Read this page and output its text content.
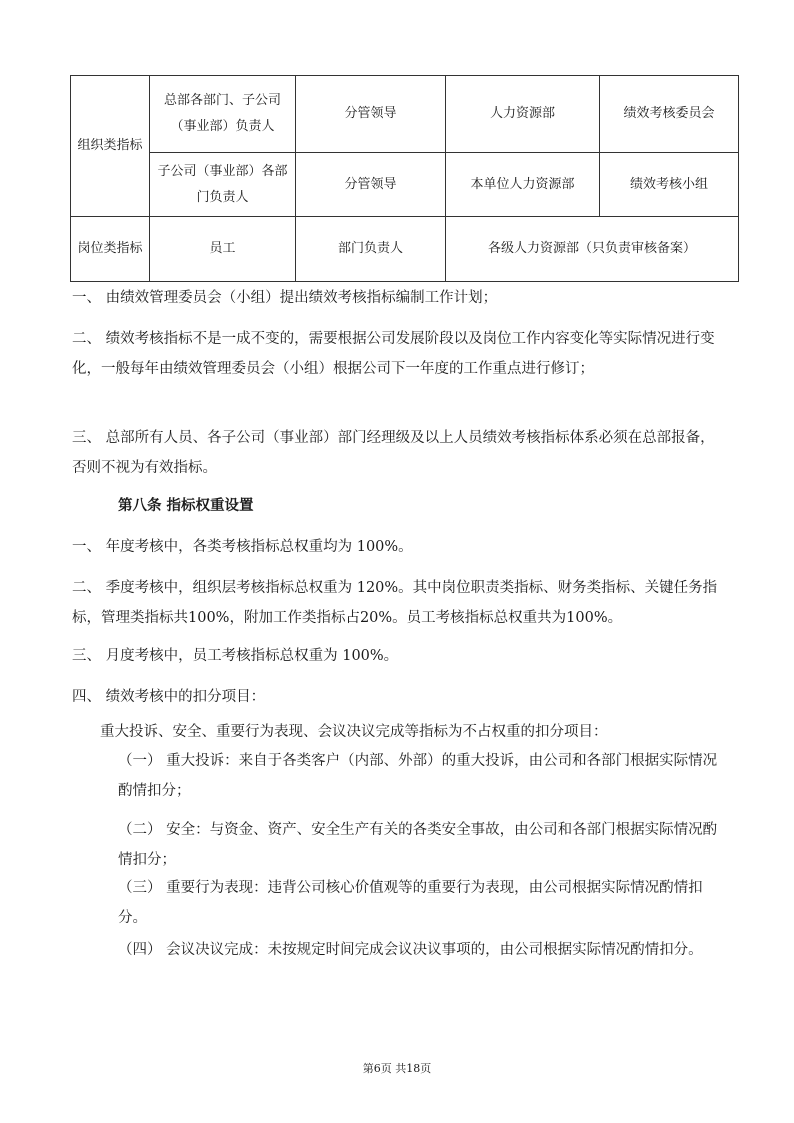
组织类指标	总部各部门、子公司（事业部）负责人	分管领导	人力资源部	绩效考核委员会
	子公司（事业部）各部门负责人	分管领导	本单位人力资源部	绩效考核小组
岗位类指标	员工	部门负责人	各级人力资源部（只负责审核备案）	

一、 由绩效管理委员会（小组）提出绩效考核指标编制工作计划；

二、 绩效考核指标不是一成不变的，需要根据公司发展阶段以及岗位工作内容变化等实际情况进行变化，一般每年由绩效管理委员会（小组）根据公司下一年度的工作重点进行修订；

三、 总部所有人员、各子公司（事业部）部门经理级及以上人员绩效考核指标体系必须在总部报备，否则不视为有效指标。

第八条 指标权重设置

一、 年度考核中，各类考核指标总权重均为 100%。

二、 季度考核中，组织层考核指标总权重为 120%。其中岗位职责类指标、财务类指标、关键任务指标，管理类指标共100%，附加工作类指标占20%。员工考核指标总权重共为100%。

三、 月度考核中，员工考核指标总权重为 100%。

四、 绩效考核中的扣分项目：

重大投诉、安全、重要行为表现、会议决议完成等指标为不占权重的扣分项目：

（一） 重大投诉：来自于各类客户（内部、外部）的重大投诉，由公司和各部门根据实际情况酌情扣分；

（二） 安全：与资金、资产、安全生产有关的各类安全事故，由公司和各部门根据实际情况酌情扣分；

（三） 重要行为表现：违背公司核心价值观等的重要行为表现，由公司根据实际情况酌情扣分。

（四） 会议决议完成：未按规定时间完成会议决议事项的，由公司根据实际情况酌情扣分。

第6页 共18页
